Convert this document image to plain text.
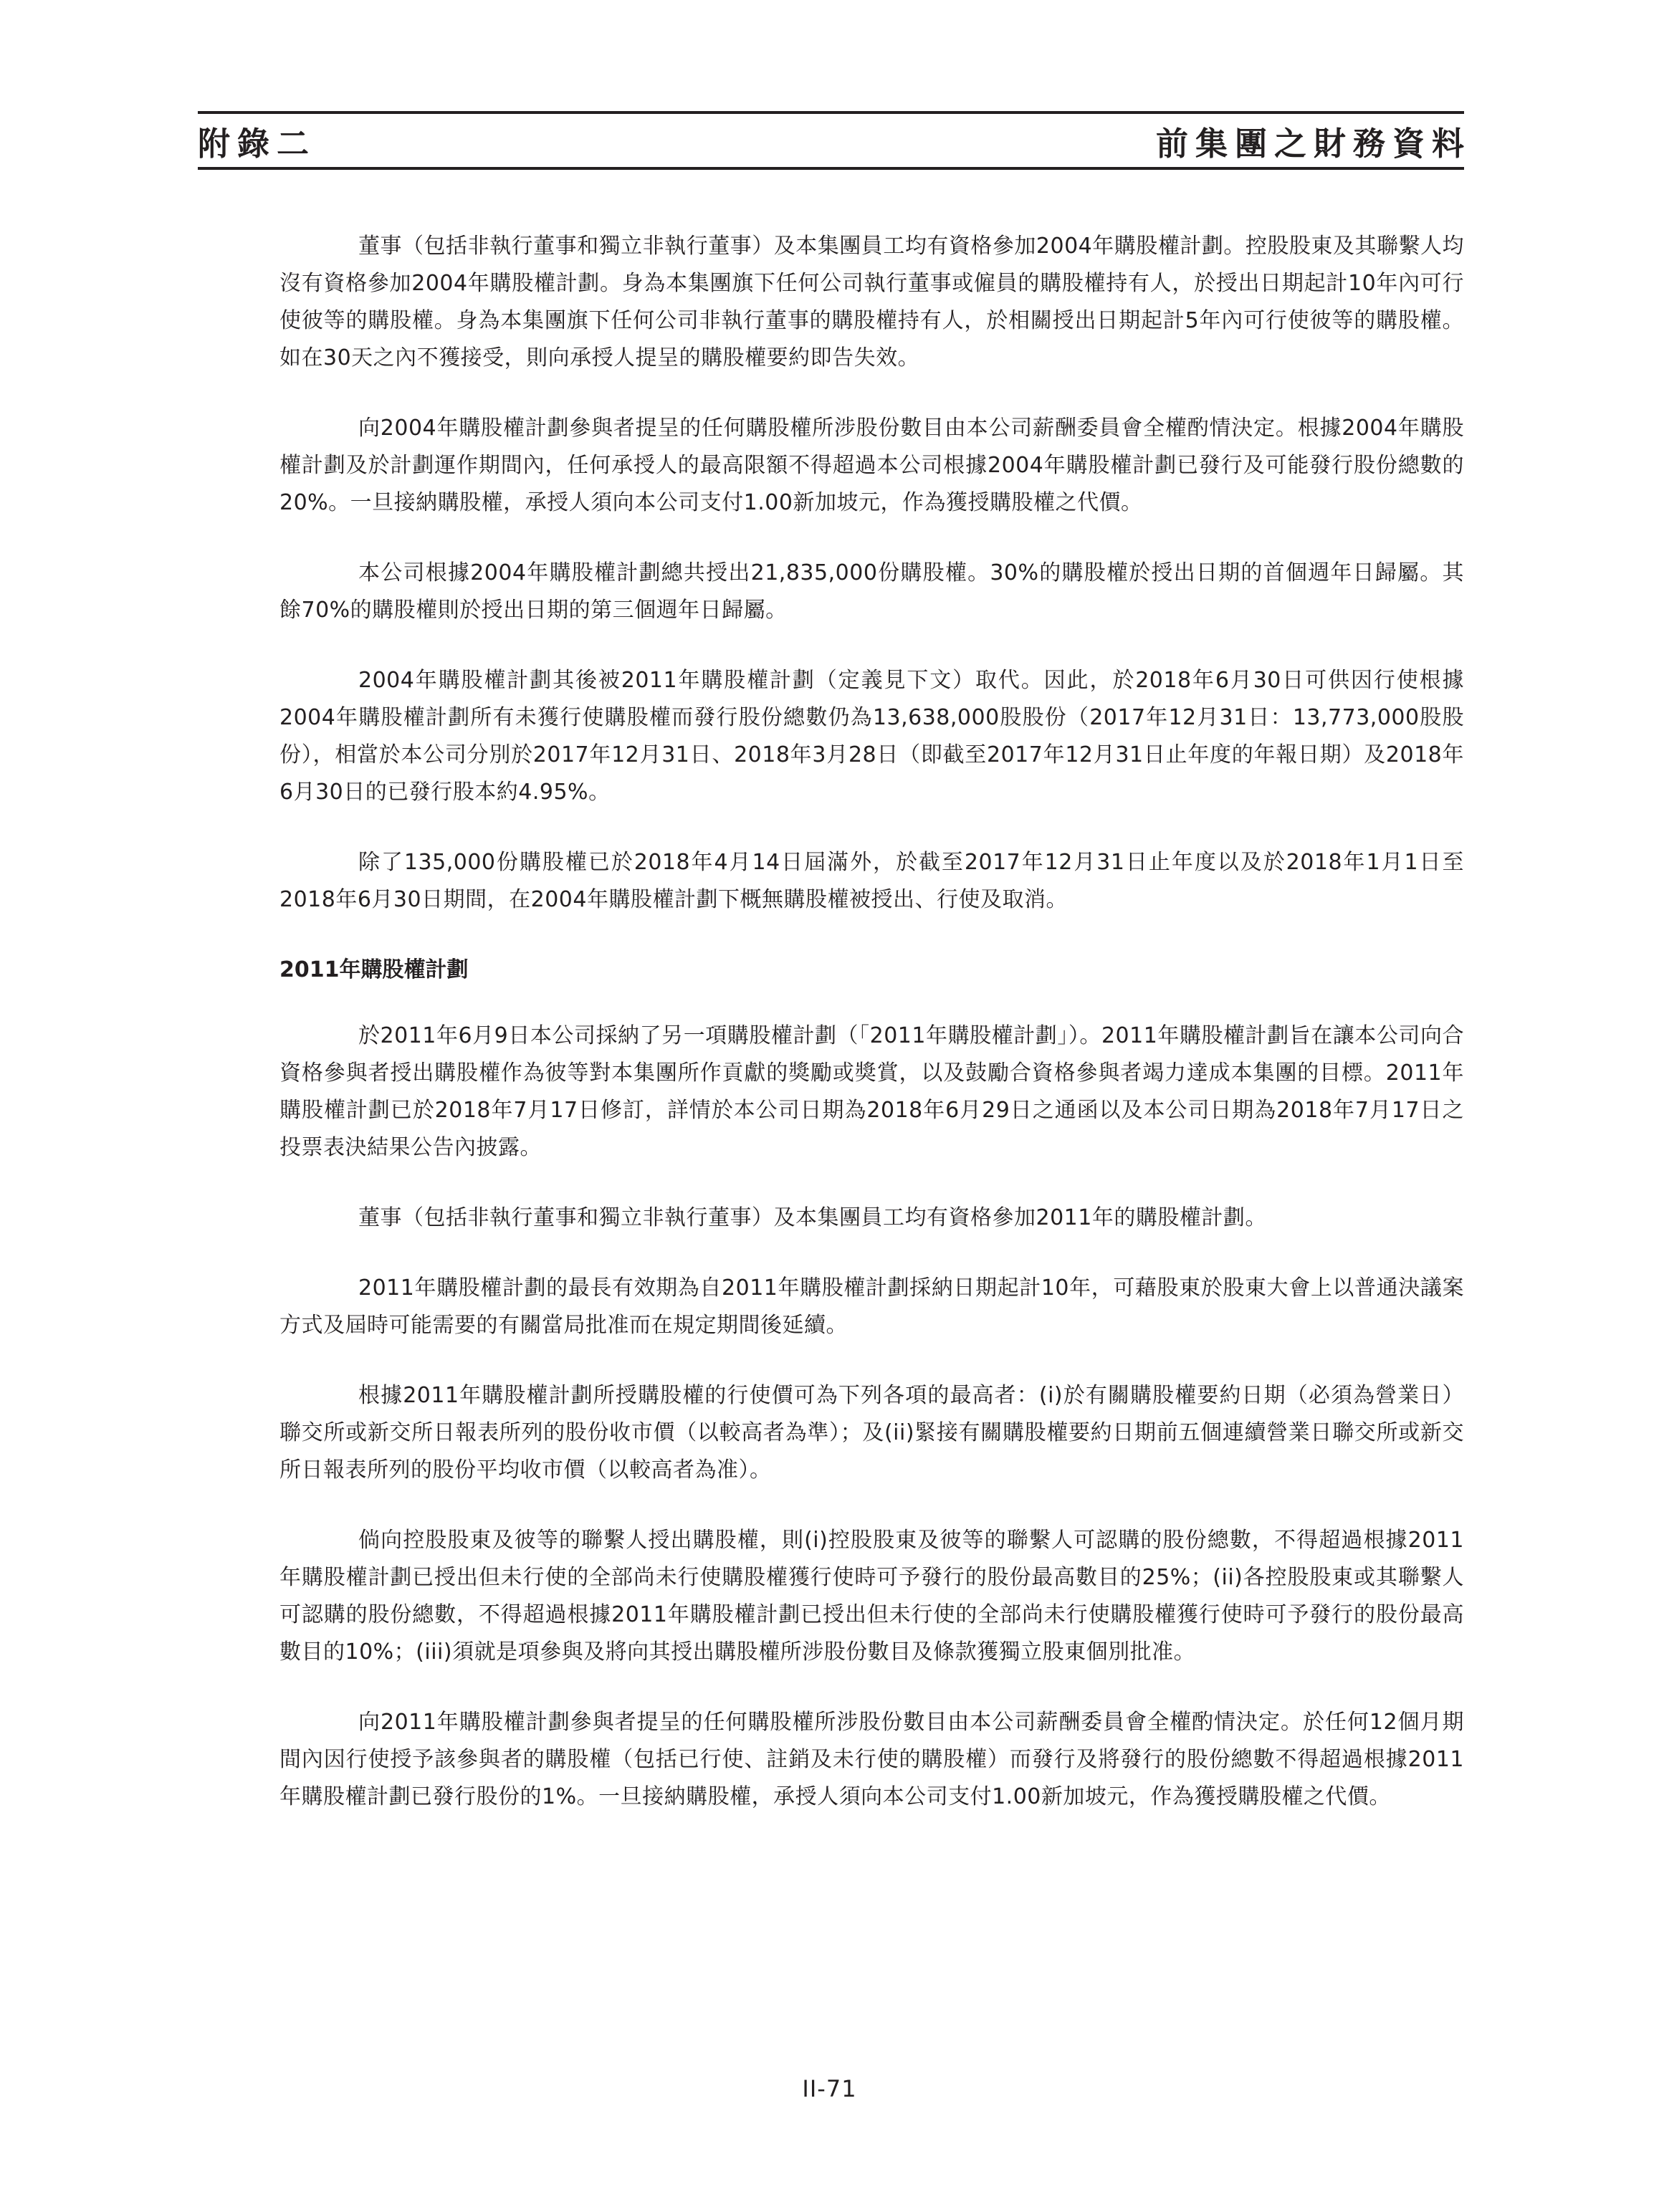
附錄二	前集團之財務資料

董事（包括非執行董事和獨立非執行董事）及本集團員工均有資格參加2004年購股權計劃。控股股東及其聯繫人均沒有資格參加2004年購股權計劃。身為本集團旗下任何公司執行董事或僱員的購股權持有人，於授出日期起計10年內可行使彼等的購股權。身為本集團旗下任何公司非執行董事的購股權持有人，於相關授出日期起計5年內可行使彼等的購股權。如在30天之內不獲接受，則向承授人提呈的購股權要約即告失效。

向2004年購股權計劃參與者提呈的任何購股權所涉股份數目由本公司薪酬委員會全權酌情決定。根據2004年購股權計劃及於計劃運作期間內，任何承授人的最高限額不得超過本公司根據2004年購股權計劃已發行及可能發行股份總數的20%。一旦接納購股權，承授人須向本公司支付1.00新加坡元，作為獲授購股權之代價。

本公司根據2004年購股權計劃總共授出21,835,000份購股權。30%的購股權於授出日期的首個週年日歸屬。其餘70%的購股權則於授出日期的第三個週年日歸屬。

2004年購股權計劃其後被2011年購股權計劃（定義見下文）取代。因此，於2018年6月30日可供因行使根據2004年購股權計劃所有未獲行使購股權而發行股份總數仍為13,638,000股股份（2017年12月31日：13,773,000股股份），相當於本公司分別於2017年12月31日、2018年3月28日（即截至2017年12月31日止年度的年報日期）及2018年6月30日的已發行股本約4.95%。

除了135,000份購股權已於2018年4月14日屆滿外，於截至2017年12月31日止年度以及於2018年1月1日至2018年6月30日期間，在2004年購股權計劃下概無購股權被授出、行使及取消。

2011年購股權計劃

於2011年6月9日本公司採納了另一項購股權計劃（「2011年購股權計劃」）。2011年購股權計劃旨在讓本公司向合資格參與者授出購股權作為彼等對本集團所作貢獻的獎勵或獎賞，以及鼓勵合資格參與者竭力達成本集團的目標。2011年購股權計劃已於2018年7月17日修訂，詳情於本公司日期為2018年6月29日之通函以及本公司日期為2018年7月17日之投票表決結果公告內披露。

董事（包括非執行董事和獨立非執行董事）及本集團員工均有資格參加2011年的購股權計劃。

2011年購股權計劃的最長有效期為自2011年購股權計劃採納日期起計10年，可藉股東於股東大會上以普通決議案方式及屆時可能需要的有關當局批准而在規定期間後延續。

根據2011年購股權計劃所授購股權的行使價可為下列各項的最高者：(i)於有關購股權要約日期（必須為營業日）聯交所或新交所日報表所列的股份收市價（以較高者為準）；及(ii)緊接有關購股權要約日期前五個連續營業日聯交所或新交所日報表所列的股份平均收市價（以較高者為准）。

倘向控股股東及彼等的聯繫人授出購股權，則(i)控股股東及彼等的聯繫人可認購的股份總數，不得超過根據2011年購股權計劃已授出但未行使的全部尚未行使購股權獲行使時可予發行的股份最高數目的25%；(ii)各控股股東或其聯繫人可認購的股份總數，不得超過根據2011年購股權計劃已授出但未行使的全部尚未行使購股權獲行使時可予發行的股份最高數目的10%；(iii)須就是項參與及將向其授出購股權所涉股份數目及條款獲獨立股東個別批准。

向2011年購股權計劃參與者提呈的任何購股權所涉股份數目由本公司薪酬委員會全權酌情決定。於任何12個月期間內因行使授予該參與者的購股權（包括已行使、註銷及未行使的購股權）而發行及將發行的股份總數不得超過根據2011年購股權計劃已發行股份的1%。一旦接納購股權，承授人須向本公司支付1.00新加坡元，作為獲授購股權之代價。

II-71
